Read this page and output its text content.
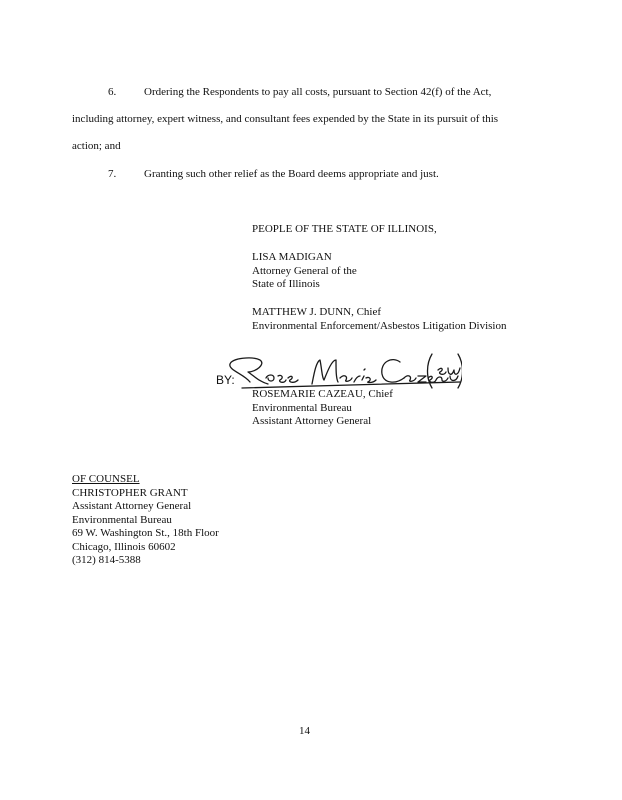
6.	Ordering the Respondents to pay all costs, pursuant to Section 42(f) of the Act,
including attorney, expert witness, and consultant fees expended by the State in its pursuit of this
action; and
7.	Granting such other relief as the Board deems appropriate and just.
PEOPLE OF THE STATE OF ILLINOIS,
LISA MADIGAN
Attorney General of the
State of Illinois
MATTHEW J. DUNN, Chief
Environmental Enforcement/Asbestos Litigation Division
BY:
ROSEMARIE CAZEAU, Chief
Environmental Bureau
Assistant Attorney General
OF COUNSEL
CHRISTOPHER GRANT
Assistant Attorney General
Environmental Bureau
69 W. Washington St., 18th Floor
Chicago, Illinois 60602
(312) 814-5388
14
